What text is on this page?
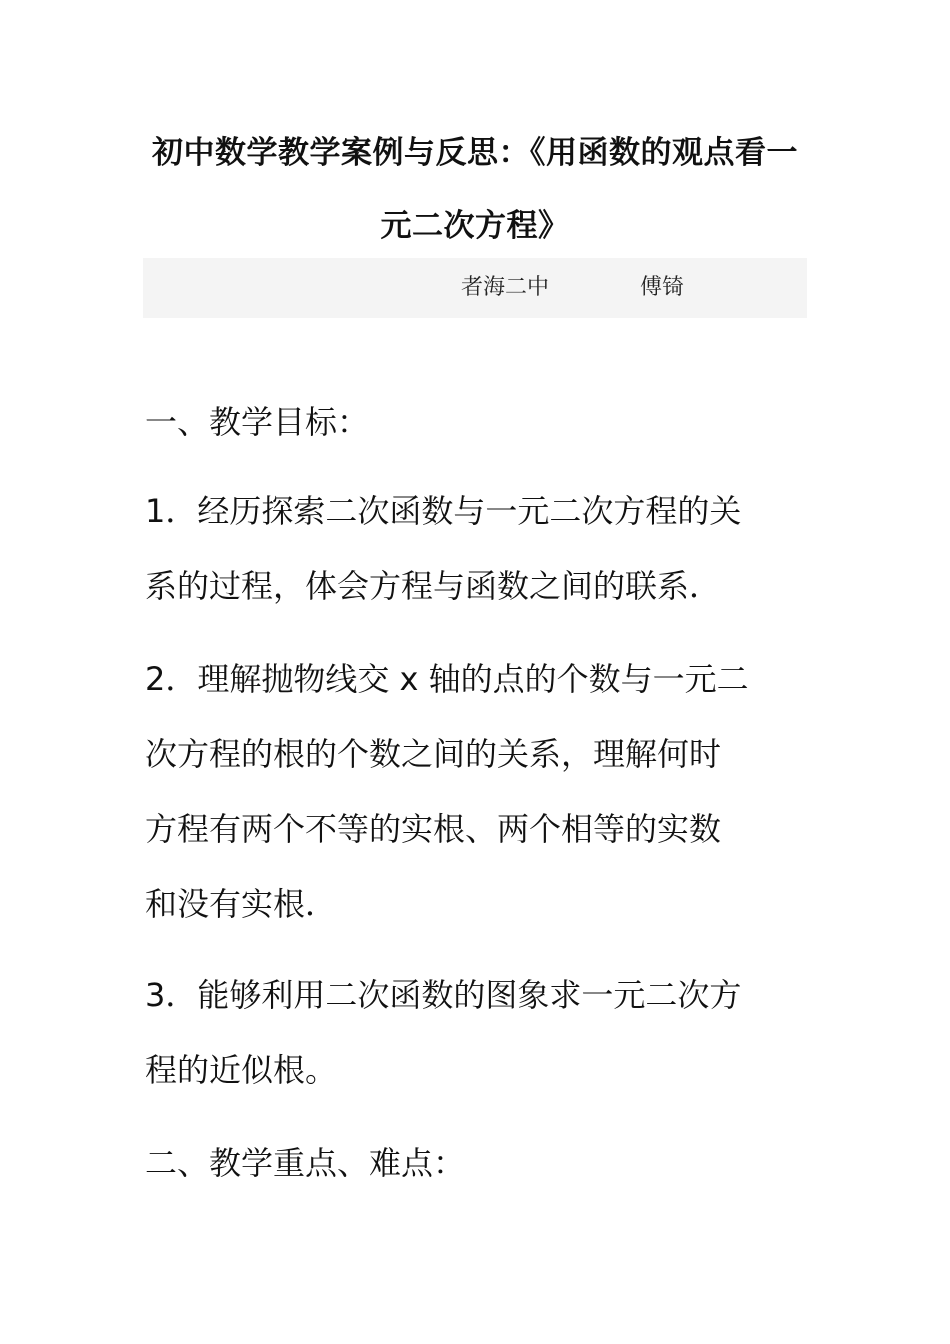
初中数学教学案例与反思：《用函数的观点看一
元二次方程》
者海二中	傅锜
一、教学目标：
1．经历探索二次函数与一元二次方程的关
系的过程，体会方程与函数之间的联系．
2．理解抛物线交 x 轴的点的个数与一元二
次方程的根的个数之间的关系，理解何时
方程有两个不等的实根、两个相等的实数
和没有实根．
3．能够利用二次函数的图象求一元二次方
程的近似根。
二、教学重点、难点：
